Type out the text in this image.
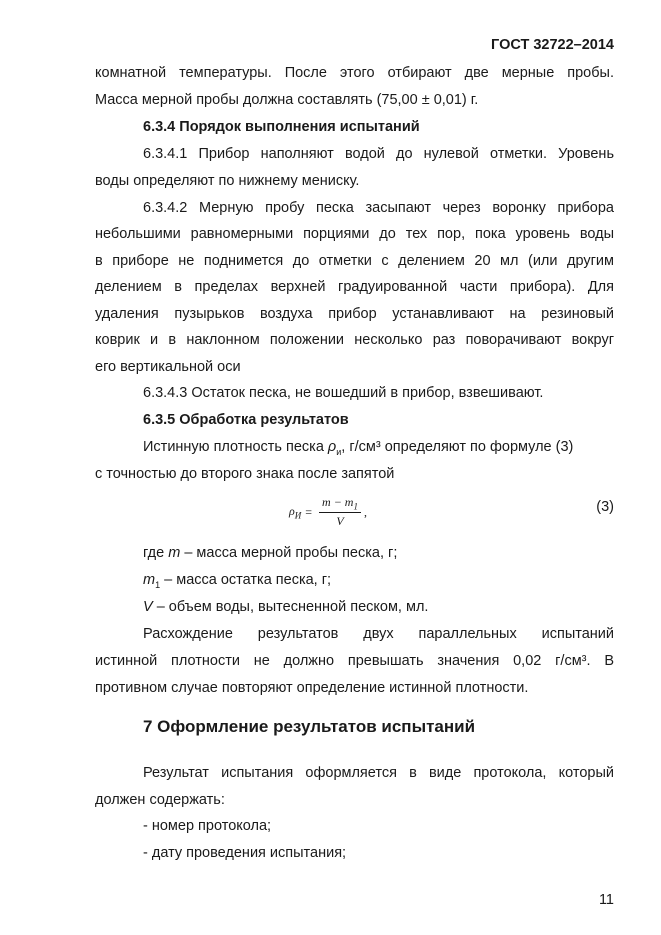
ГОСТ 32722–2014
комнатной температуры. После этого отбирают две мерные пробы.
Масса мерной пробы должна составлять (75,00 ± 0,01) г.
6.3.4 Порядок выполнения испытаний
6.3.4.1 Прибор наполняют водой до нулевой отметки. Уровень
воды определяют по нижнему мениску.
6.3.4.2 Мерную пробу песка засыпают через воронку прибора
небольшими равномерными порциями до тех пор, пока уровень воды
в приборе не поднимется до отметки с делением 20 мл (или другим
делением в пределах верхней градуированной части прибора). Для
удаления пузырьков воздуха прибор устанавливают на резиновый
коврик и в наклонном положении несколько раз поворачивают вокруг
его вертикальной оси
6.3.4.3 Остаток песка, не вошедший в прибор, взвешивают.
6.3.5 Обработка результатов
Истинную плотность песка $\rho_и$, г/см³ определяют по формуле (3)
с точностью до второго знака после запятой
$\rho_И = \frac{m - m_1}{V}$ ,	(3)
где m – масса мерной пробы песка, г;
$m_1$ – масса остатка песка, г;
V – объем воды, вытесненной песком, мл.
Расхождение результатов двух параллельных испытаний
истинной плотности не должно превышать значения 0,02 г/см³. В
противном случае повторяют определение истинной плотности.
7 Оформление результатов испытаний
Результат испытания оформляется в виде протокола, который
должен содержать:
- номер протокола;
- дату проведения испытания;
11
